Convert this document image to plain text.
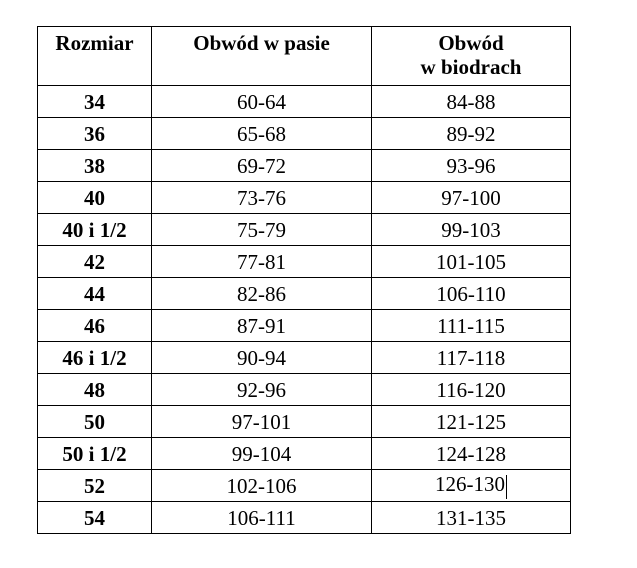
Rozmiar	Obwód w pasie	Obwód
w biodrach

34	60-64	84-88
36	65-68	89-92
38	69-72	93-96
40	73-76	97-100
40 i 1/2	75-79	99-103
42	77-81	101-105
44	82-86	106-110
46	87-91	111-115
46 i 1/2	90-94	117-118
48	92-96	116-120
50	97-101	121-125
50 i 1/2	99-104	124-128
52	102-106	126-130
54	106-111	131-135
